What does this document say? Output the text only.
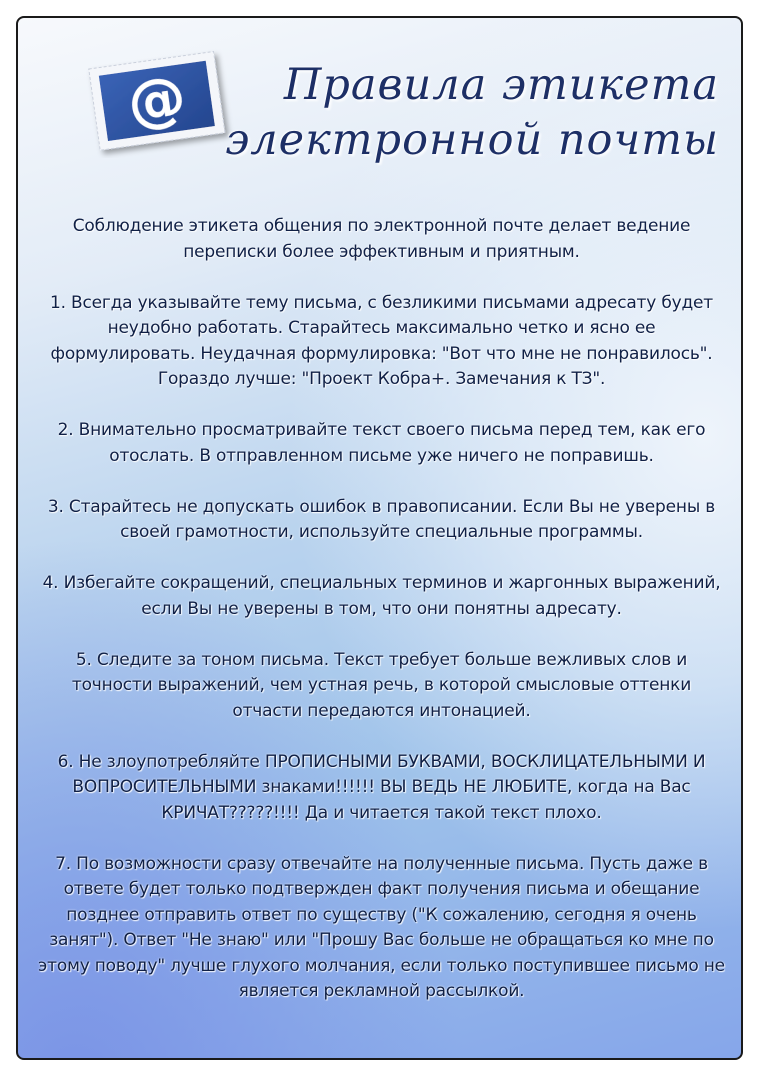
@	Правила этикета
электронной почты

Соблюдение этикета общения по электронной почте делает ведение переписки более эффективным и приятным.

1. Всегда указывайте тему письма, с безликими письмами адресату будет неудобно работать. Старайтесь максимально четко и ясно ее формулировать. Неудачная формулировка: "Вот что мне не понравилось". Гораздо лучше: "Проект Кобра+. Замечания к ТЗ".

2. Внимательно просматривайте текст своего письма перед тем, как его отослать. В отправленном письме уже ничего не поправишь.

3. Старайтесь не допускать ошибок в правописании. Если Вы не уверены в своей грамотности, используйте специальные программы.

4. Избегайте сокращений, специальных терминов и жаргонных выражений, если Вы не уверены в том, что они понятны адресату.

5. Следите за тоном письма. Текст требует больше вежливых слов и точности выражений, чем устная речь, в которой смысловые оттенки отчасти передаются интонацией.

6. Не злоупотребляйте ПРОПИСНЫМИ БУКВАМИ, ВОСКЛИЦАТЕЛЬНЫМИ И ВОПРОСИТЕЛЬНЫМИ знаками!!!!!! ВЫ ВЕДЬ НЕ ЛЮБИТЕ, когда на Вас КРИЧАТ?????!!!! Да и читается такой текст плохо.

7. По возможности сразу отвечайте на полученные письма. Пусть даже в ответе будет только подтвержден факт получения письма и обещание позднее отправить ответ по существу ("К сожалению, сегодня я очень занят"). Ответ "Не знаю" или "Прошу Вас больше не обращаться ко мне по этому поводу" лучше глухого молчания, если только поступившее письмо не является рекламной рассылкой.
